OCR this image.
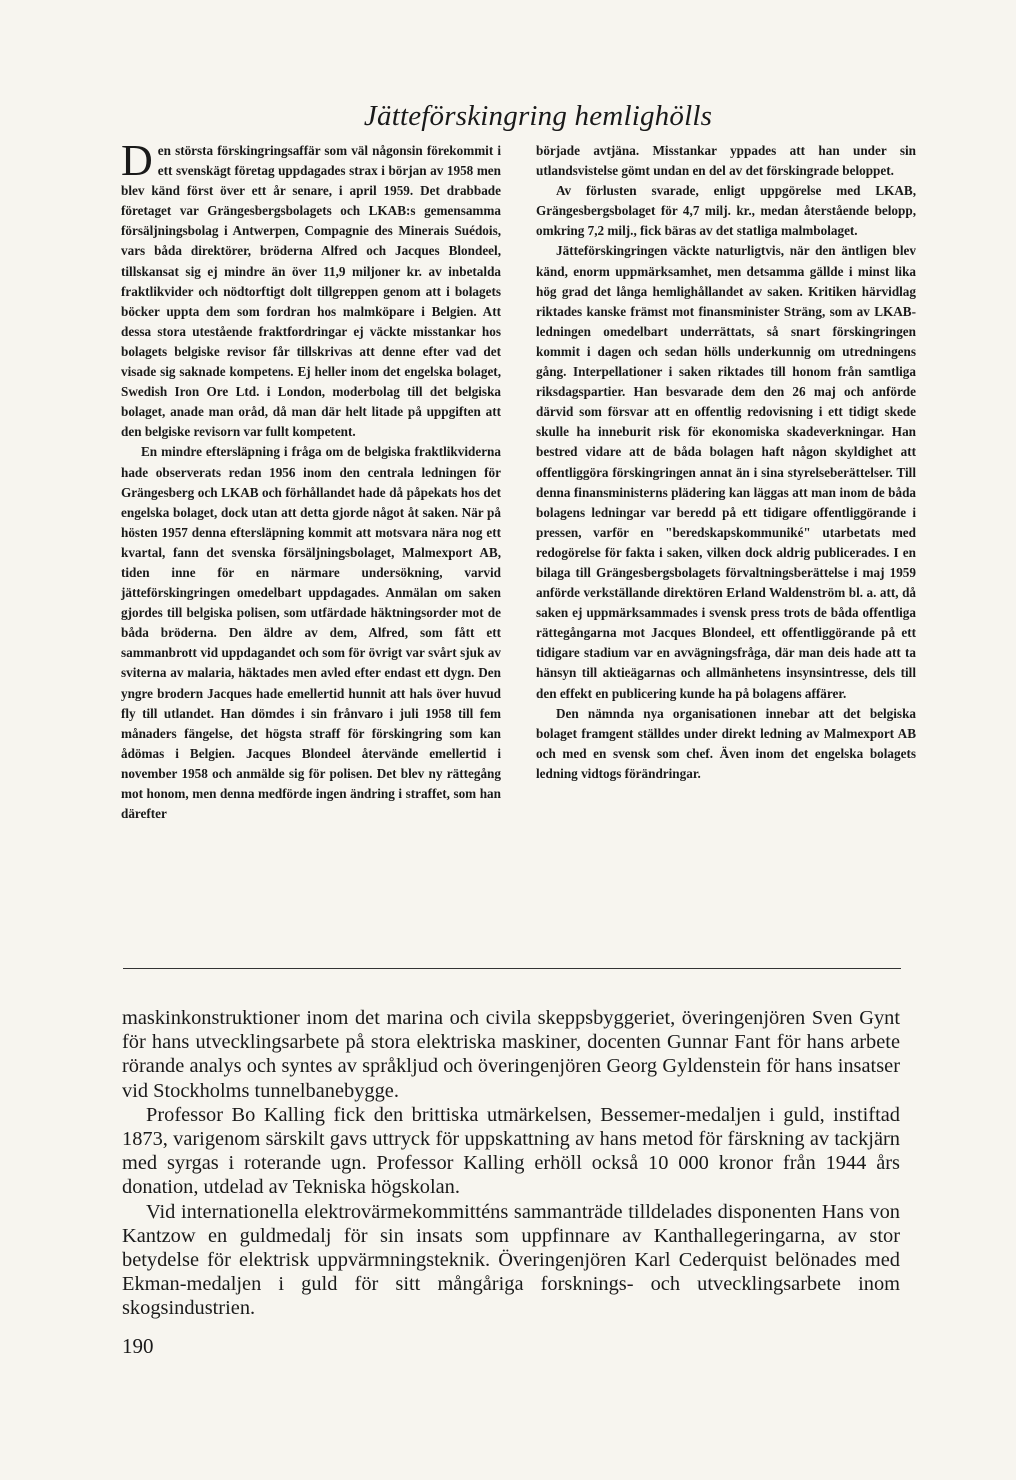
Jätteförskingring hemlighölls

Den största förskingringsaffär som väl någonsin förekommit i ett svenskägt företag uppdagades strax i början av 1958 men blev känd först över ett år senare, i april 1959. Det drabbade företaget var Grängesbergsbolagets och LKAB:s gemensamma försäljningsbolag i Antwerpen, Compagnie des Minerais Suédois, vars båda direktörer, bröderna Alfred och Jacques Blondeel, tillskansat sig ej mindre än över 11,9 miljoner kr. av inbetalda fraktlikvider och nödtorftigt dolt tillgreppen genom att i bolagets böcker uppta dem som fordran hos malmköpare i Belgien. Att dessa stora utestående fraktfordringar ej väckte misstankar hos bolagets belgiske revisor får tillskrivas att denne efter vad det visade sig saknade kompetens. Ej heller inom det engelska bolaget, Swedish Iron Ore Ltd. i London, moderbolag till det belgiska bolaget, anade man oråd, då man där helt litade på uppgiften att den belgiske revisorn var fullt kompetent.

En mindre eftersläpning i fråga om de belgiska fraktlikviderna hade observerats redan 1956 inom den centrala ledningen för Grängesberg och LKAB och förhållandet hade då påpekats hos det engelska bolaget, dock utan att detta gjorde något åt saken. När på hösten 1957 denna eftersläpning kommit att motsvara nära nog ett kvartal, fann det svenska försäljningsbolaget, Malmexport AB, tiden inne för en närmare undersökning, varvid jätteförskingringen omedelbart uppdagades. Anmälan om saken gjordes till belgiska polisen, som utfärdade häktningsorder mot de båda bröderna. Den äldre av dem, Alfred, som fått ett sammanbrott vid uppdagandet och som för övrigt var svårt sjuk av sviterna av malaria, häktades men avled efter endast ett dygn. Den yngre brodern Jacques hade emellertid hunnit att hals över huvud fly till utlandet. Han dömdes i sin frånvaro i juli 1958 till fem månaders fängelse, det högsta straff för förskingring som kan ådömas i Belgien. Jacques Blondeel återvände emellertid i november 1958 och anmälde sig för polisen. Det blev ny rättegång mot honom, men denna medförde ingen ändring i straffet, som han därefter

började avtjäna. Misstankar yppades att han under sin utlandsvistelse gömt undan en del av det förskingrade beloppet.

Av förlusten svarade, enligt uppgörelse med LKAB, Grängesbergsbolaget för 4,7 milj. kr., medan återstående belopp, omkring 7,2 milj., fick bäras av det statliga malmbolaget.

Jätteförskingringen väckte naturligtvis, när den äntligen blev känd, enorm uppmärksamhet, men detsamma gällde i minst lika hög grad det långa hemlighållandet av saken. Kritiken härvidlag riktades kanske främst mot finansminister Sträng, som av LKAB-ledningen omedelbart underrättats, så snart förskingringen kommit i dagen och sedan hölls underkunnig om utredningens gång. Interpellationer i saken riktades till honom från samtliga riksdagspartier. Han besvarade dem den 26 maj och anförde därvid som försvar att en offentlig redovisning i ett tidigt skede skulle ha inneburit risk för ekonomiska skadeverkningar. Han bestred vidare att de båda bolagen haft någon skyldighet att offentliggöra förskingringen annat än i sina styrelseberättelser. Till denna finansministerns plädering kan läggas att man inom de båda bolagens ledningar var beredd på ett tidigare offentliggörande i pressen, varför en "beredskapskommuniké" utarbetats med redogörelse för fakta i saken, vilken dock aldrig publicerades. I en bilaga till Grängesbergsbolagets förvaltningsberättelse i maj 1959 anförde verkställande direktören Erland Waldenström bl. a. att, då saken ej uppmärksammades i svensk press trots de båda offentliga rättegångarna mot Jacques Blondeel, ett offentliggörande på ett tidigare stadium var en avvägningsfråga, där man deis hade att ta hänsyn till aktieägarnas och allmänhetens insynsintresse, dels till den effekt en publicering kunde ha på bolagens affärer.

Den nämnda nya organisationen innebar att det belgiska bolaget framgent ställdes under direkt ledning av Malmexport AB och med en svensk som chef. Även inom det engelska bolagets ledning vidtogs förändringar.

maskinkonstruktioner inom det marina och civila skeppsbyggeriet, överingenjören Sven Gynt för hans utvecklingsarbete på stora elektriska maskiner, docenten Gunnar Fant för hans arbete rörande analys och syntes av språkljud och överingenjören Georg Gyldenstein för hans insatser vid Stockholms tunnelbanebygge.

Professor Bo Kalling fick den brittiska utmärkelsen, Bessemer-medaljen i guld, instiftad 1873, varigenom särskilt gavs uttryck för uppskattning av hans metod för färskning av tackjärn med syrgas i roterande ugn. Professor Kalling erhöll också 10 000 kronor från 1944 års donation, utdelad av Tekniska högskolan.

Vid internationella elektrovärmekommitténs sammanträde tilldelades disponenten Hans von Kantzow en guldmedalj för sin insats som uppfinnare av Kanthallegeringarna, av stor betydelse för elektrisk uppvärmningsteknik. Överingenjören Karl Cederquist belönades med Ekman-medaljen i guld för sitt mångåriga forsknings- och utvecklingsarbete inom skogsindustrien.

190
